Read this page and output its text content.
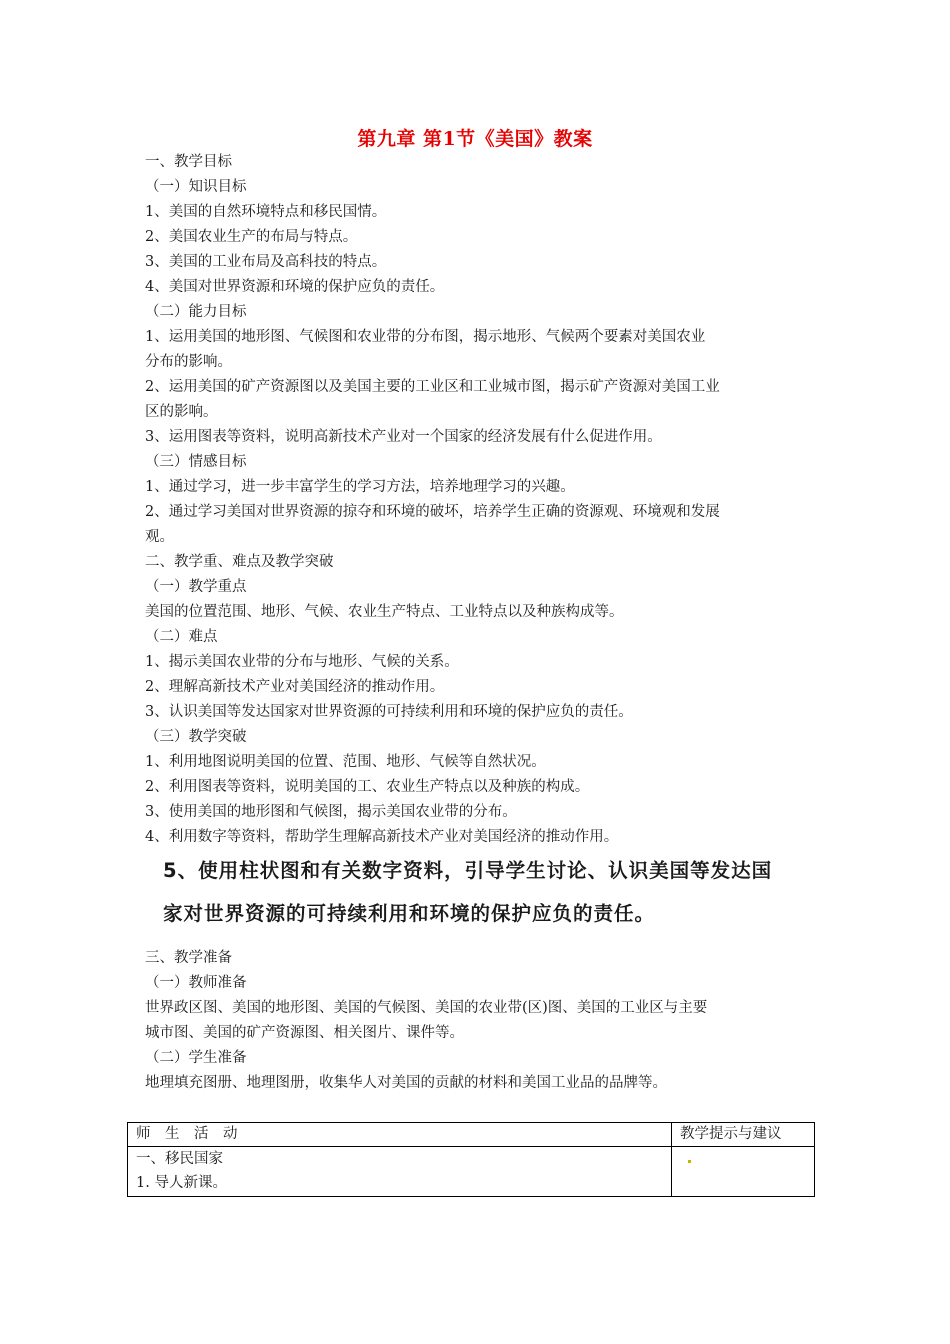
第九章 第1节《美国》教案
一、教学目标
（一）知识目标
1、美国的自然环境特点和移民国情。
2、美国农业生产的布局与特点。
3、美国的工业布局及高科技的特点。
4、美国对世界资源和环境的保护应负的责任。
（二）能力目标
1、运用美国的地形图、气候图和农业带的分布图，揭示地形、气候两个要素对美国农业
分布的影响。
2、运用美国的矿产资源图以及美国主要的工业区和工业城市图，揭示矿产资源对美国工业
区的影响。
3、运用图表等资料，说明高新技术产业对一个国家的经济发展有什么促进作用。
（三）情感目标
1、通过学习，进一步丰富学生的学习方法，培养地理学习的兴趣。
2、通过学习美国对世界资源的掠夺和环境的破坏，培养学生正确的资源观、环境观和发展
观。
二、教学重、难点及教学突破
（一）教学重点
美国的位置范围、地形、气候、农业生产特点、工业特点以及种族构成等。
（二）难点
1、揭示美国农业带的分布与地形、气候的关系。
2、理解高新技术产业对美国经济的推动作用。
3、认识美国等发达国家对世界资源的可持续利用和环境的保护应负的责任。
（三）教学突破
1、利用地图说明美国的位置、范围、地形、气候等自然状况。
2、利用图表等资料，说明美国的工、农业生产特点以及种族的构成。
3、使用美国的地形图和气候图，揭示美国农业带的分布。
4、利用数字等资料，帮助学生理解高新技术产业对美国经济的推动作用。
5、使用柱状图和有关数字资料，引导学生讨论、认识美国等发达国
家对世界资源的可持续利用和环境的保护应负的责任。
三、教学准备
（一）教师准备
世界政区图、美国的地形图、美国的气候图、美国的农业带(区)图、美国的工业区与主要
城市图、美国的矿产资源图、相关图片、课件等。
（二）学生准备
地理填充图册、地理图册，收集华人对美国的贡献的材料和美国工业品的品牌等。
师　生　活　动	教学提示与建议

一、移民国家
1. 导人新课。	
